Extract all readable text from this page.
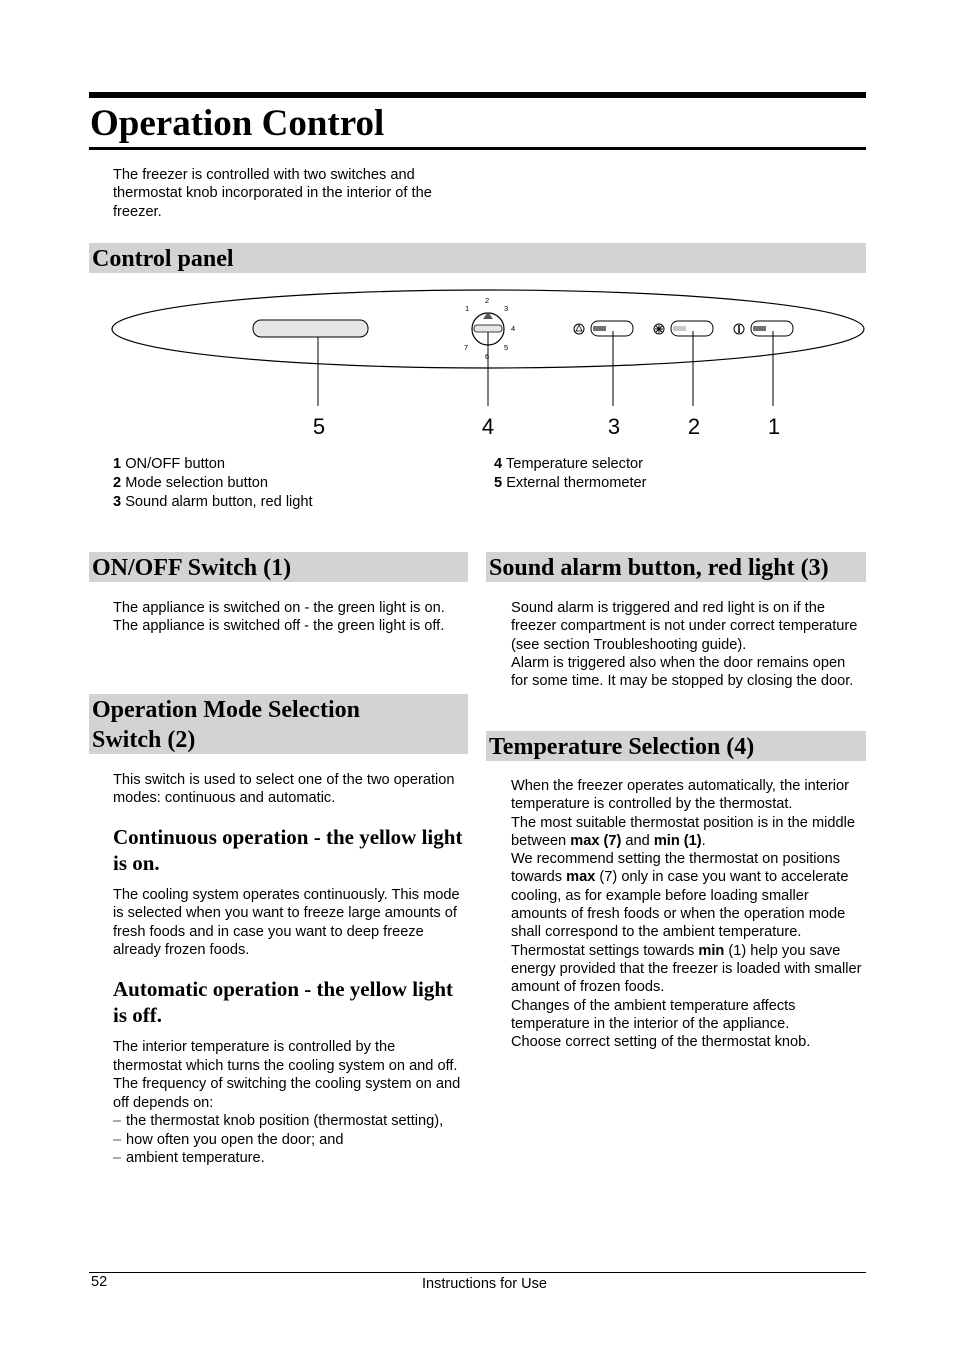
Operation Control
The freezer is controlled with two switches and thermostat knob incorporated in the interior of the freezer.
Control panel
1
2
3
4
5
6
7
5	4	3	2	1

1 ON/OFF button

2 Mode selection button

3 Sound alarm button, red light

4 Temperature selector

5 External thermometer

ON/OFF Switch (1)

The appliance is switched on - the green light is on.

The appliance is switched off - the green light is off.

Operation Mode Selection
Switch (2)
This switch is used to select one of the two operation modes: continuous and automatic.
Continuous operation - the yellow light is on.
The cooling system operates continuously. This mode is selected when you want to freeze large amounts of fresh foods and in case you want to deep freeze already frozen foods.
Automatic operation - the yellow light is off.

The interior temperature is controlled by the thermostat which turns the cooling system on and off.

The frequency of switching the cooling system on and off depends on:

– the thermostat knob position (thermostat setting),
– how often you open the door; and
– ambient temperature.
Sound alarm button, red light (3)

Sound alarm is triggered and red light is on if the freezer compartment is not under correct temperature (see section Troubleshooting guide).

Alarm is triggered also when the door remains open for some time. It may be stopped by closing the door.

Temperature Selection (4)

When the freezer operates automatically, the interior temperature is controlled by the thermostat.

The most suitable thermostat position is in the middle between max (7) and min (1).

We recommend setting the thermostat on positions towards max (7) only in case you want to accelerate cooling, as for example before loading smaller amounts of fresh foods or when the operation mode shall correspond to the ambient temperature.

Thermostat settings towards min (1) help you save energy provided that the freezer is loaded with smaller amount of frozen foods.

Changes of the ambient temperature affects temperature in the interior of the appliance.

Choose correct setting of the thermostat knob.

52	Instructions for Use
